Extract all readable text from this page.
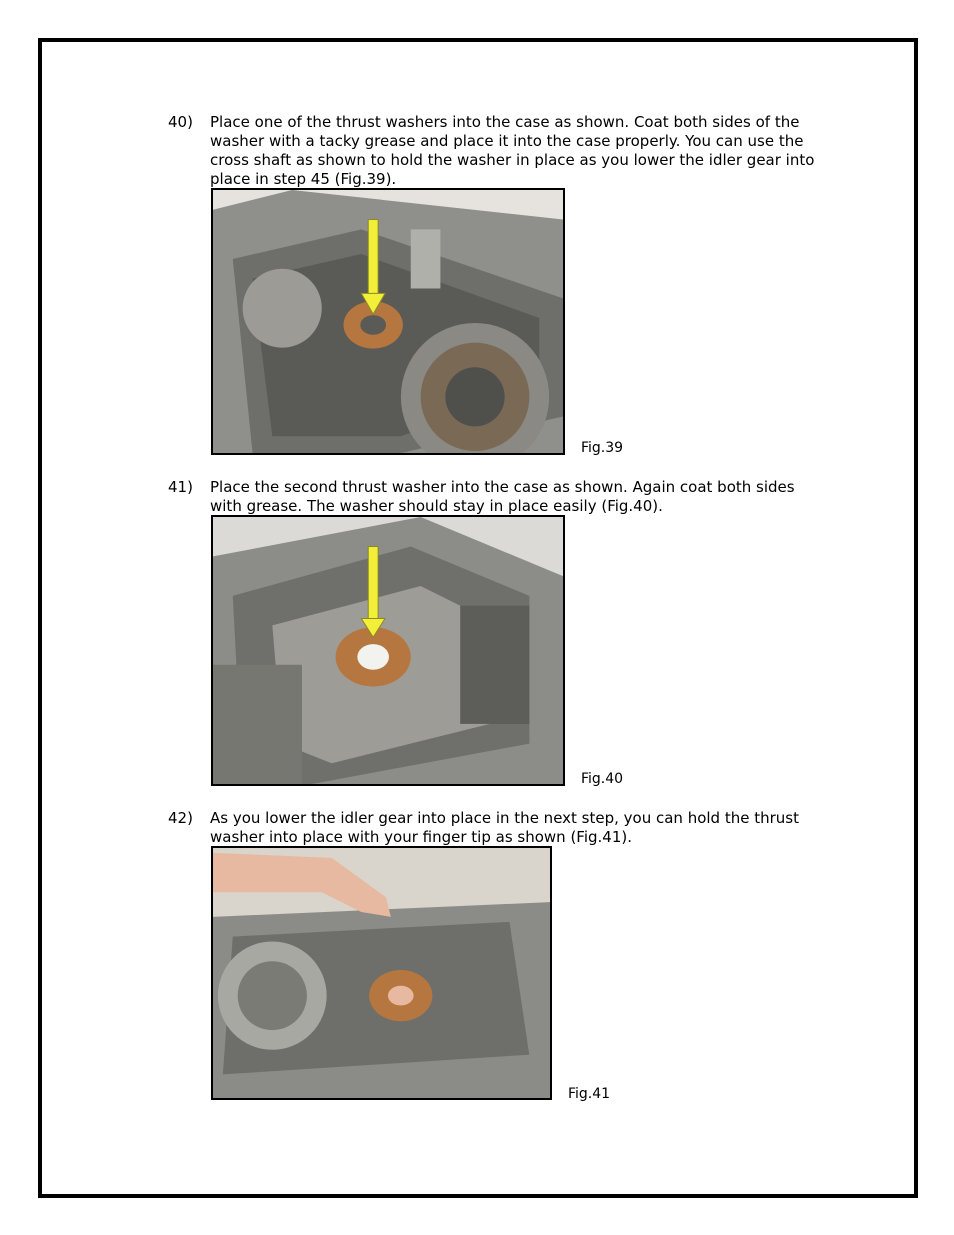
40) Place one of the thrust washers into the case as shown. Coat both sides of the washer with a tacky grease and place it into the case properly. You can use the cross shaft as shown to hold the washer in place as you lower the idler gear into place in step 45 (Fig.39).
Fig.39
41) Place the second thrust washer into the case as shown. Again coat both sides with grease. The washer should stay in place easily (Fig.40).
Fig.40
42) As you lower the idler gear into place in the next step, you can hold the thrust washer into place with your finger tip as shown (Fig.41).
Fig.41
